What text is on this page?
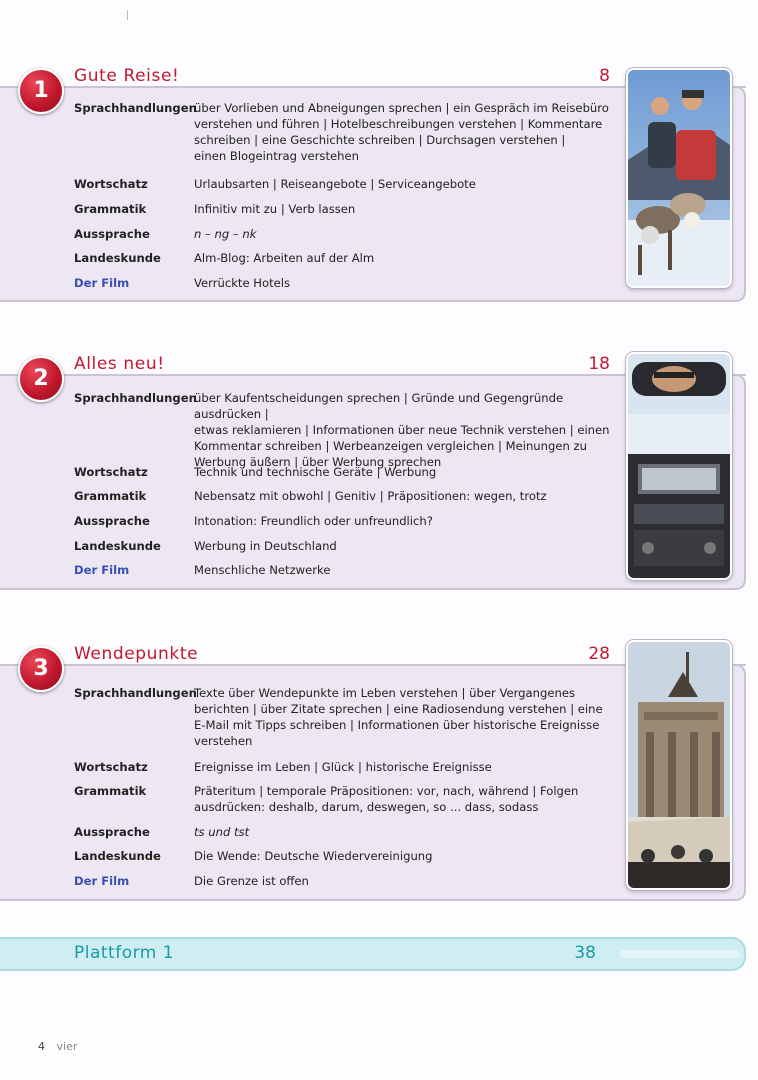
1
Gute Reise!	8
Sprachhandlungen
über Vorlieben und Abneigungen sprechen | ein Gespräch im Reisebüro
verstehen und führen | Hotelbeschreibungen verstehen | Kommentare
schreiben | eine Geschichte schreiben | Durchsagen verstehen |
einen Blogeintrag verstehen
Wortschatz	Urlaubsarten | Reiseangebote | Serviceangebote
Grammatik	Infinitiv mit zu | Verb lassen
Aussprache	n – ng – nk
Landeskunde	Alm-Blog: Arbeiten auf der Alm
Der Film	Verrückte Hotels
2
Alles neu!	18
Sprachhandlungen
über Kaufentscheidungen sprechen | Gründe und Gegengründe ausdrücken |
etwas reklamieren | Informationen über neue Technik verstehen | einen
Kommentar schreiben | Werbeanzeigen vergleichen | Meinungen zu
Werbung äußern | über Werbung sprechen
Wortschatz	Technik und technische Geräte | Werbung
Grammatik	Nebensatz mit obwohl | Genitiv | Präpositionen: wegen, trotz
Aussprache	Intonation: Freundlich oder unfreundlich?
Landeskunde	Werbung in Deutschland
Der Film	Menschliche Netzwerke
3
Wendepunkte	28
Sprachhandlungen
Texte über Wendepunkte im Leben verstehen | über Vergangenes
berichten | über Zitate sprechen | eine Radiosendung verstehen | eine
E-Mail mit Tipps schreiben | Informationen über historische Ereignisse
verstehen
Wortschatz	Ereignisse im Leben | Glück | historische Ereignisse
Grammatik	Präteritum | temporale Präpositionen: vor, nach, während | Folgen
ausdrücken: deshalb, darum, deswegen, so ... dass, sodass
Aussprache	ts und tst
Landeskunde	Die Wende: Deutsche Wiedervereinigung
Der Film	Die Grenze ist offen
Plattform 1	38
4 vier
